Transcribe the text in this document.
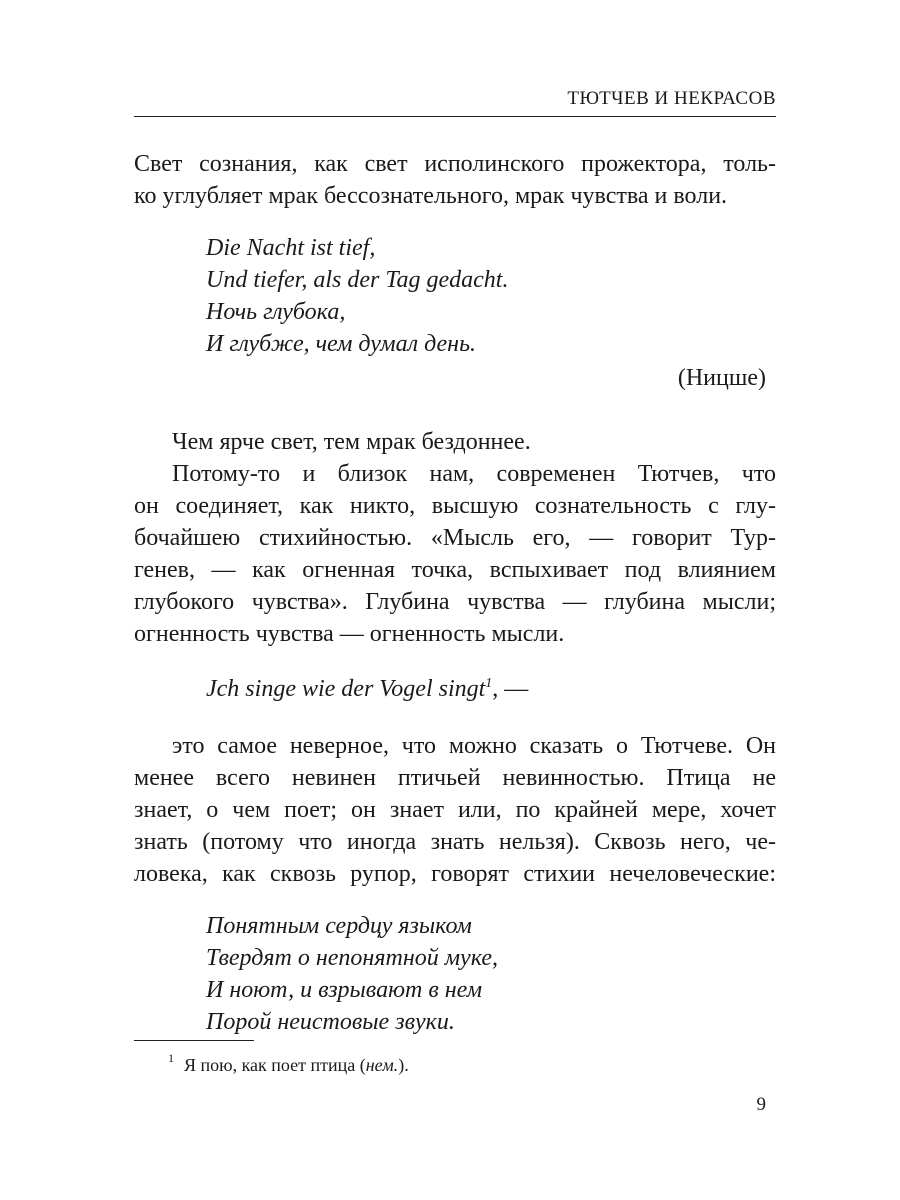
ТЮТЧЕВ И НЕКРАСОВ
Свет сознания, как свет исполинского прожектора, толь-
ко углубляет мрак бессознательного, мрак чувства и воли.
Die Nacht ist tief,
Und tiefer, als der Tag gedacht.
Ночь глубока,
И глубже, чем думал день.
(Ницше)
Чем ярче свет, тем мрак бездоннее.
Потому-то и близок нам, современен Тютчев, что
он соединяет, как никто, высшую сознательность с глу-
бочайшею стихийностью. «Мысль его, — говорит Тур-
генев, — как огненная точка, вспыхивает под влиянием
глубокого чувства». Глубина чувства — глубина мысли;
огненность чувства — огненность мысли.
Jch singe wie der Vogel singt$^1$, —
это самое неверное, что можно сказать о Тютчеве. Он
менее всего невинен птичьей невинностью. Птица не
знает, о чем поет; он знает или, по крайней мере, хочет
знать (потому что иногда знать нельзя). Сквозь него, че-
ловека, как сквозь рупор, говорят стихии нечеловеческие:
Понятным сердцу языком
Твердят о непонятной муке,
И ноют, и взрывают в нем
Порой неистовые звуки.
$^1$ Я пою, как поет птица (нем.).
9
